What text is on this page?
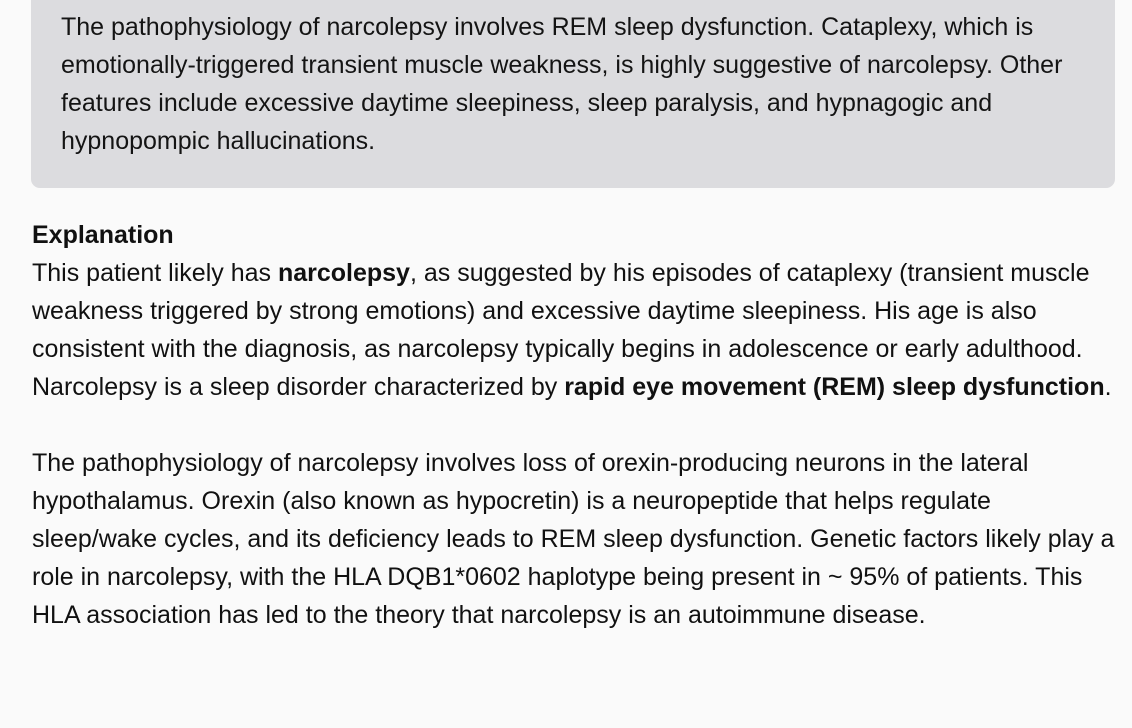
The pathophysiology of narcolepsy involves REM sleep dysfunction. Cataplexy, which is emotionally-triggered transient muscle weakness, is highly suggestive of narcolepsy. Other features include excessive daytime sleepiness, sleep paralysis, and hypnagogic and hypnopompic hallucinations.

Explanation

This patient likely has narcolepsy, as suggested by his episodes of cataplexy (transient muscle weakness triggered by strong emotions) and excessive daytime sleepiness. His age is also consistent with the diagnosis, as narcolepsy typically begins in adolescence or early adulthood. Narcolepsy is a sleep disorder characterized by rapid eye movement (REM) sleep dysfunction.

The pathophysiology of narcolepsy involves loss of orexin-producing neurons in the lateral hypothalamus. Orexin (also known as hypocretin) is a neuropeptide that helps regulate sleep/wake cycles, and its deficiency leads to REM sleep dysfunction. Genetic factors likely play a role in narcolepsy, with the HLA DQB1*0602 haplotype being present in ~ 95% of patients. This HLA association has led to the theory that narcolepsy is an autoimmune disease.
